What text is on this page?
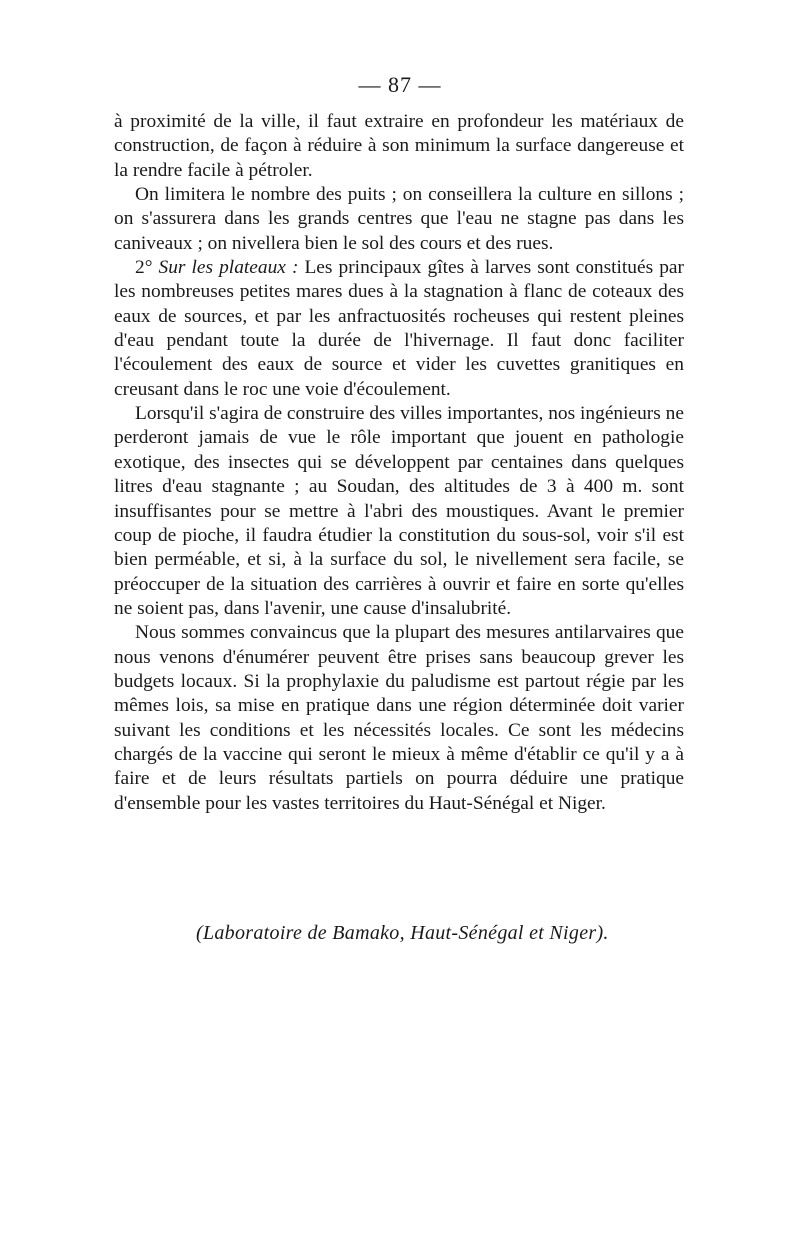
— 87 —

à proximité de la ville, il faut extraire en profondeur les matériaux de construction, de façon à réduire à son minimum la surface dangereuse et la rendre facile à pétroler.

On limitera le nombre des puits ; on conseillera la culture en sillons ; on s'assurera dans les grands centres que l'eau ne stagne pas dans les caniveaux ; on nivellera bien le sol des cours et des rues.

2° Sur les plateaux : Les principaux gîtes à larves sont constitués par les nombreuses petites mares dues à la stagnation à flanc de coteaux des eaux de sources, et par les anfractuosités rocheuses qui restent pleines d'eau pendant toute la durée de l'hivernage. Il faut donc faciliter l'écoulement des eaux de source et vider les cuvettes granitiques en creusant dans le roc une voie d'écoulement.

Lorsqu'il s'agira de construire des villes importantes, nos ingénieurs ne perderont jamais de vue le rôle important que jouent en pathologie exotique, des insectes qui se développent par centaines dans quelques litres d'eau stagnante ; au Soudan, des altitudes de 3 à 400 m. sont insuffisantes pour se mettre à l'abri des moustiques. Avant le premier coup de pioche, il faudra étudier la constitution du sous-sol, voir s'il est bien perméable, et si, à la surface du sol, le nivellement sera facile, se préoccuper de la situation des carrières à ouvrir et faire en sorte qu'elles ne soient pas, dans l'avenir, une cause d'insalubrité.

Nous sommes convaincus que la plupart des mesures antilarvaires que nous venons d'énumérer peuvent être prises sans beaucoup grever les budgets locaux. Si la prophylaxie du paludisme est partout régie par les mêmes lois, sa mise en pratique dans une région déterminée doit varier suivant les conditions et les nécessités locales. Ce sont les médecins chargés de la vaccine qui seront le mieux à même d'établir ce qu'il y a à faire et de leurs résultats partiels on pourra déduire une pratique d'ensemble pour les vastes territoires du Haut-Sénégal et Niger.

(Laboratoire de Bamako, Haut-Sénégal et Niger).
